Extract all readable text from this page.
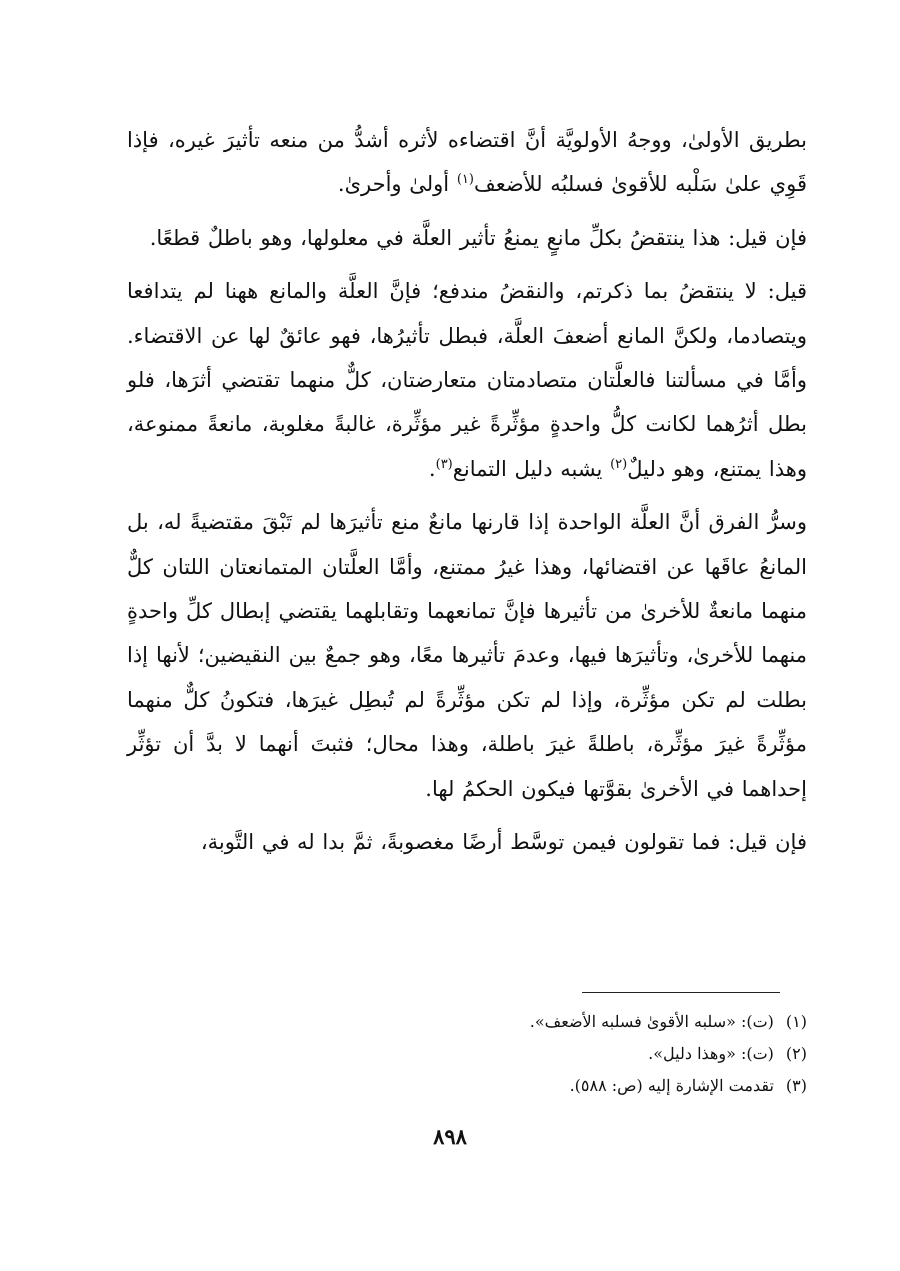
بطريق الأولىٰ، ووجهُ الأولويَّة أنَّ اقتضاءه لأثره أشدُّ من منعه تأثيرَ غيره، فإذا قَوِي علىٰ سَلْبه للأقوىٰ فسلبُه للأضعف$^{(١)}$ أولىٰ وأحرىٰ.

فإن قيل: هذا ينتقضُ بكلِّ مانعٍ يمنعُ تأثير العلَّة في معلولها، وهو باطلٌ قطعًا.

قيل: لا ينتقضُ بما ذكرتم، والنقضُ مندفع؛ فإنَّ العلَّة والمانع ههنا لم يتدافعا ويتصادما، ولكنَّ المانع أضعفَ العلَّة، فبطل تأثيرُها، فهو عائقٌ لها عن الاقتضاء. وأمَّا في مسألتنا فالعلَّتان متصادمتان متعارضتان، كلٌّ منهما تقتضي أثرَها، فلو بطل أثرُهما لكانت كلُّ واحدةٍ مؤثِّرةً غير مؤثِّرة، غالبةً مغلوبة، مانعةً ممنوعة، وهذا يمتنع، وهو دليلٌ$^{(٢)}$ يشبه دليل التمانع$^{(٣)}$.

وسرُّ الفرق أنَّ العلَّة الواحدة إذا قارنها مانعٌ منع تأثيرَها لم تَبْقَ مقتضيةً له، بل المانعُ عاقَها عن اقتضائها، وهذا غيرُ ممتنع، وأمَّا العلَّتان المتمانعتان اللتان كلٌّ منهما مانعةٌ للأخرىٰ من تأثيرها فإنَّ تمانعهما وتقابلهما يقتضي إبطال كلِّ واحدةٍ منهما للأخرىٰ، وتأثيرَها فيها، وعدمَ تأثيرها معًا، وهو جمعٌ بين النقيضين؛ لأنها إذا بطلت لم تكن مؤثِّرة، وإذا لم تكن مؤثِّرةً لم تُبطِل غيرَها، فتكونُ كلٌّ منهما مؤثِّرةً غيرَ مؤثِّرة، باطلةً غيرَ باطلة، وهذا محال؛ فثبتَ أنهما لا بدَّ أن تؤثِّر إحداهما في الأخرىٰ بقوَّتها فيكون الحكمُ لها.

فإن قيل: فما تقولون فيمن توسَّط أرضًا مغصوبةً، ثمَّ بدا له في التَّوبة،

(١)(ت): «سلبه الأقوىٰ فسلبه الأضعف».
(٢)(ت): «وهذا دليل».
(٣)تقدمت الإشارة إليه (ص: ٥٨٨).
٨٩٨
